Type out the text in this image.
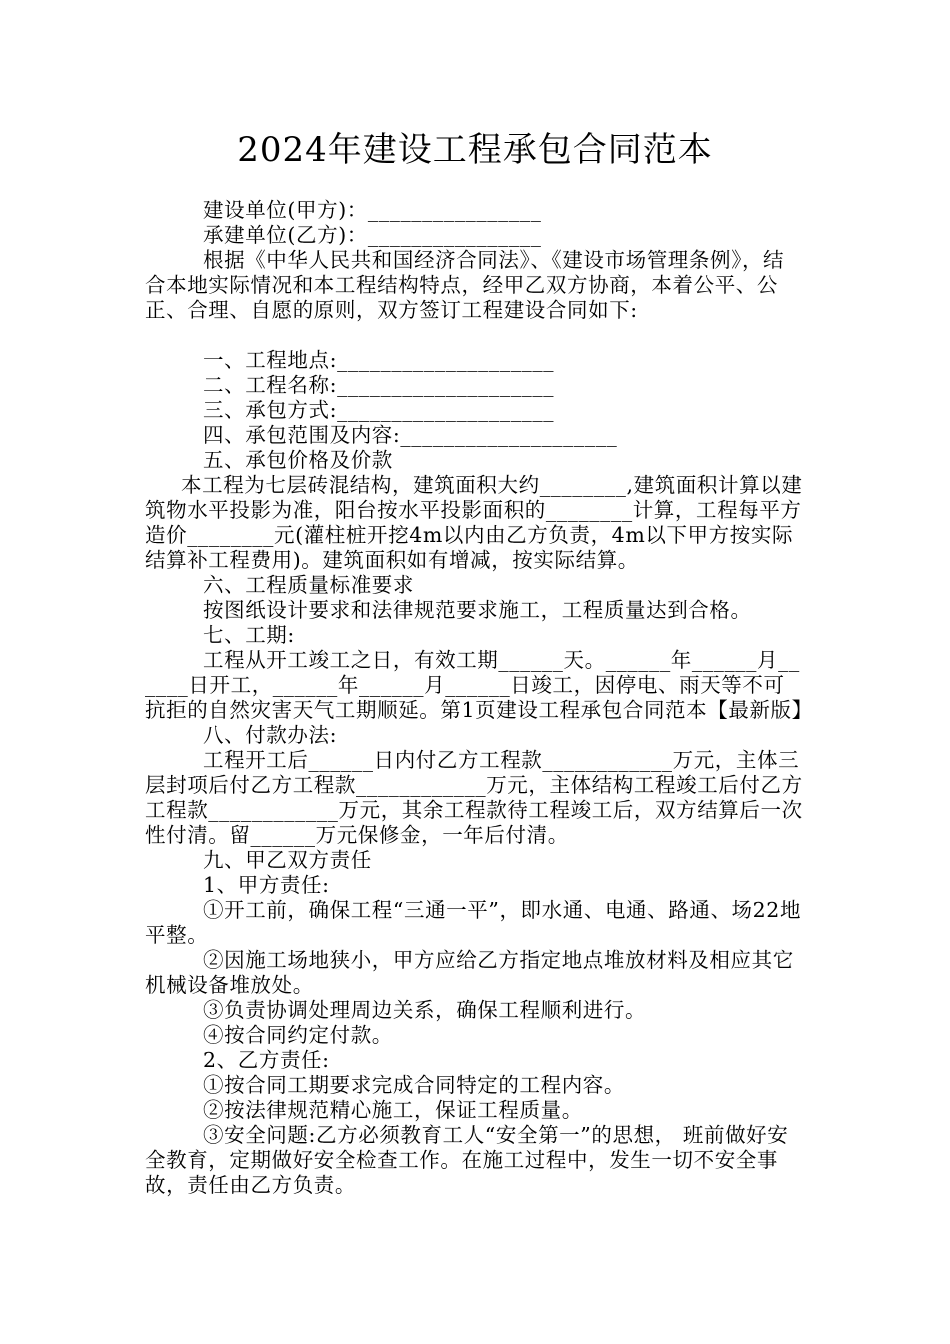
2024年建设工程承包合同范本

建设单位(甲方)：________________

承建单位(乙方)：________________

根据《中华人民共和国经济合同法》、《建设市场管理条例》，结合本地实际情况和本工程结构特点，经甲乙双方协商，本着公平、公正、合理、自愿的原则，双方签订工程建设合同如下:

一、工程地点:____________________

二、工程名称:____________________

三、承包方式:____________________

四、承包范围及内容:____________________

五、承包价格及价款

本工程为七层砖混结构，建筑面积大约________,建筑面积计算以建筑物水平投影为准，阳台按水平投影面积的________计算，工程每平方造价________元(灌柱桩开挖4m以内由乙方负责，4m以下甲方按实际结算补工程费用)。建筑面积如有增减，按实际结算。

六、工程质量标准要求

按图纸设计要求和法律规范要求施工，工程质量达到合格。

七、工期:

工程从开工竣工之日，有效工期______天。______年______月______日开工，______年______月______日竣工，因停电、雨天等不可抗拒的自然灾害天气工期顺延。第1页建设工程承包合同范本【最新版】

八、付款办法:

工程开工后______日内付乙方工程款____________万元，主体三层封项后付乙方工程款____________万元，主体结构工程竣工后付乙方工程款____________万元，其余工程款待工程竣工后，双方结算后一次性付清。留______万元保修金，一年后付清。

九、甲乙双方责任

1、甲方责任:

①开工前，确保工程“三通一平”，即水通、电通、路通、场22地平整。

②因施工场地狭小，甲方应给乙方指定地点堆放材料及相应其它机械设备堆放处。

③负责协调处理周边关系，确保工程顺利进行。

④按合同约定付款。

2、乙方责任:

①按合同工期要求完成合同特定的工程内容。

②按法律规范精心施工，保证工程质量。

③安全问题:乙方必须教育工人“安全第一”的思想， 班前做好安全教育，定期做好安全检查工作。在施工过程中，发生一切不安全事故，责任由乙方负责。
